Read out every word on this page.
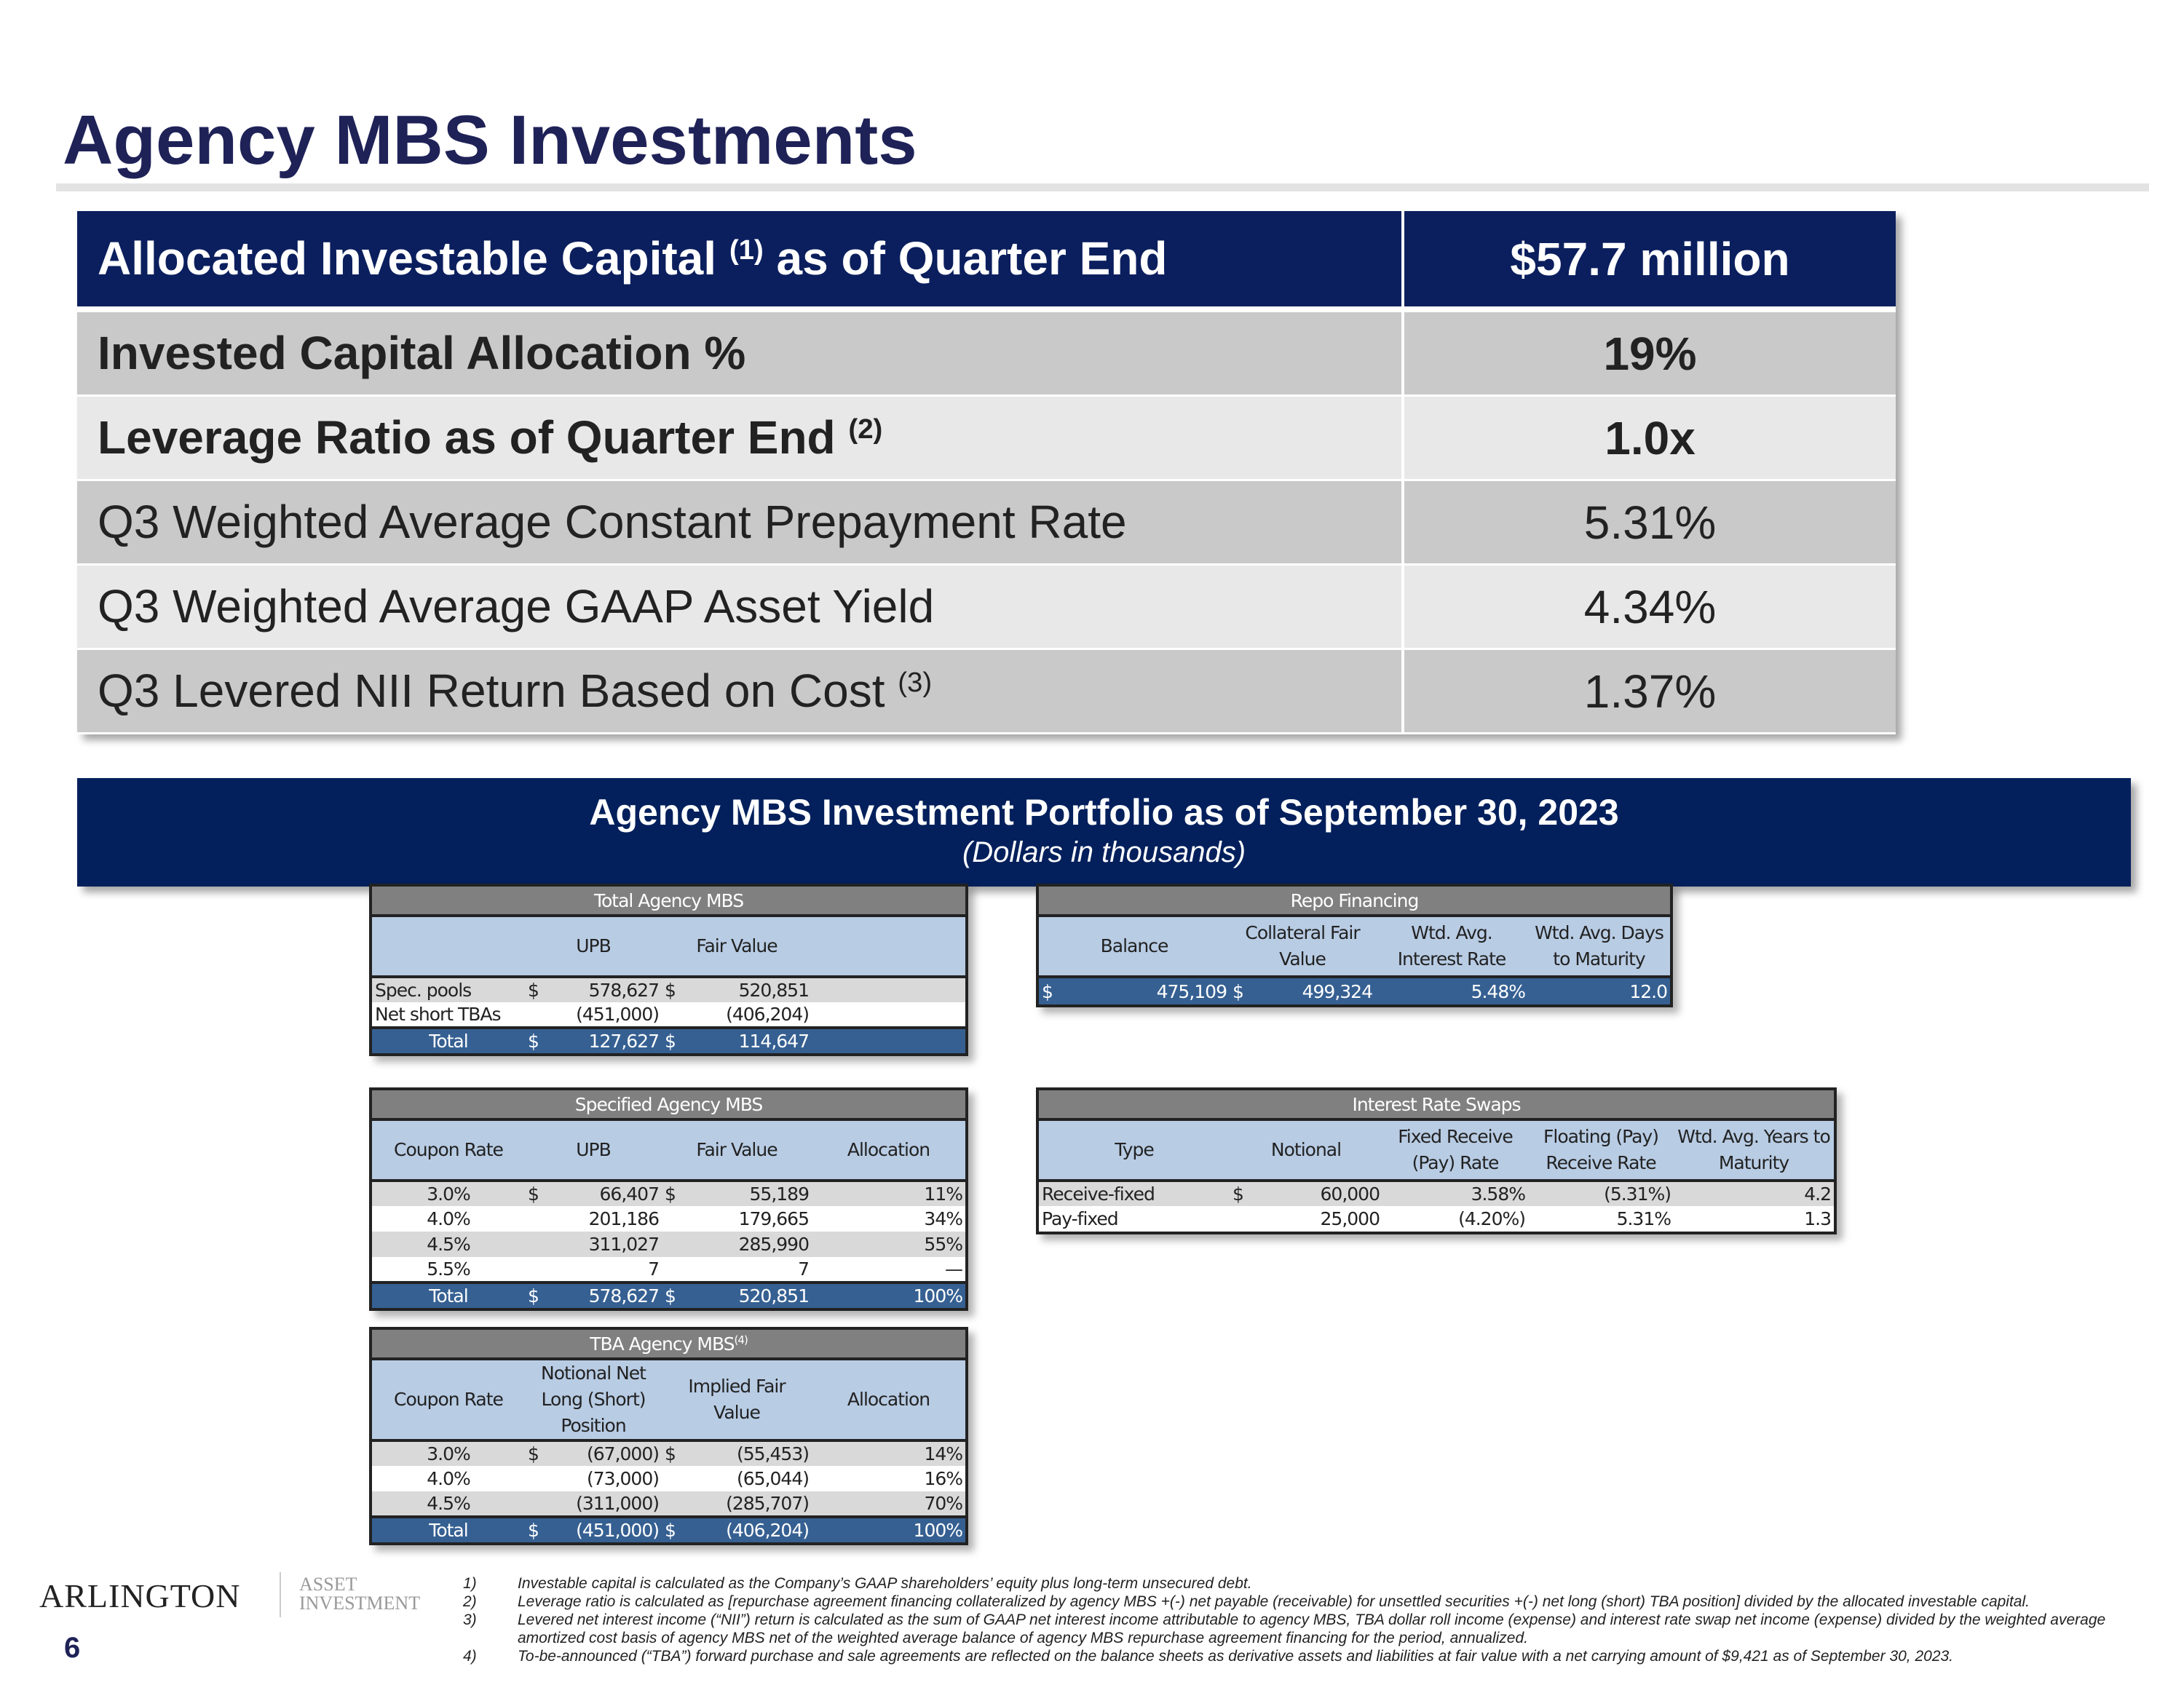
Agency MBS Investments
Allocated Investable Capital $^{(1)}$ as of Quarter End	$57.7 million
Invested Capital Allocation %	19%
Leverage Ratio as of Quarter End $^{(2)}$	1.0x
Q3 Weighted Average Constant Prepayment Rate	5.31%
Q3 Weighted Average GAAP Asset Yield	4.34%
Q3 Levered NII Return Based on Cost $^{(3)}$	1.37%
Agency MBS Investment Portfolio as of September 30, 2023
(Dollars in thousands)
Total Agency MBS					
	UPB		Fair Value		
Spec. pools	$	578,627	$	520,851	
Net short TBAs		(451,000)		(406,204)	
Total	$	127,627	$	114,647	
Specified Agency MBS					
Coupon Rate	UPB		Fair Value		Allocation
3.0%	$	66,407	$	55,189	11%
4.0%		201,186		179,665	34%
4.5%		311,027		285,990	55%
5.5%		7		7	—
Total	$	578,627	$	520,851	100%
TBA Agency MBS$^{(4)}$
Coupon Rate	Notional Net Long (Short) Position		Implied Fair Value		Allocation
3.0%	$	(67,000)	$	(55,453)	14%
4.0%		(73,000)		(65,044)	16%
4.5%		(311,000)		(285,707)	70%
Total	$	(451,000)	$	(406,204)	100%
Repo Financing					
Balance		Collateral Fair Value		Wtd. Avg. Interest Rate	Wtd. Avg. Days to Maturity
$	475,109	$	499,324	5.48%	12.0
Interest Rate Swaps					
Type	Notional		Fixed Receive (Pay) Rate	Floating (Pay) Receive Rate	Wtd. Avg. Years to Maturity
Receive-fixed	$	60,000	3.58%	(5.31%)	4.2
Pay-fixed		25,000	(4.20%)	5.31%	1.3
ARLINGTON	ASSET
INVESTMENT
6
1)	Investable capital is calculated as the Company’s GAAP shareholders’ equity plus long-term unsecured debt.
2)	Leverage ratio is calculated as [repurchase agreement financing collateralized by agency MBS +(-) net payable (receivable) for unsettled securities +(-) net long (short) TBA position] divided by the allocated investable capital.
3)	Levered net interest income (“NII”) return is calculated as the sum of GAAP net interest income attributable to agency MBS, TBA dollar roll income (expense) and interest rate swap net income (expense) divided by the weighted average amortized cost basis of agency MBS net of the weighted average balance of agency MBS repurchase agreement financing for the period, annualized.
4)	To-be-announced (“TBA”) forward purchase and sale agreements are reflected on the balance sheets as derivative assets and liabilities at fair value with a net carrying amount of $9,421 as of September 30, 2023.
